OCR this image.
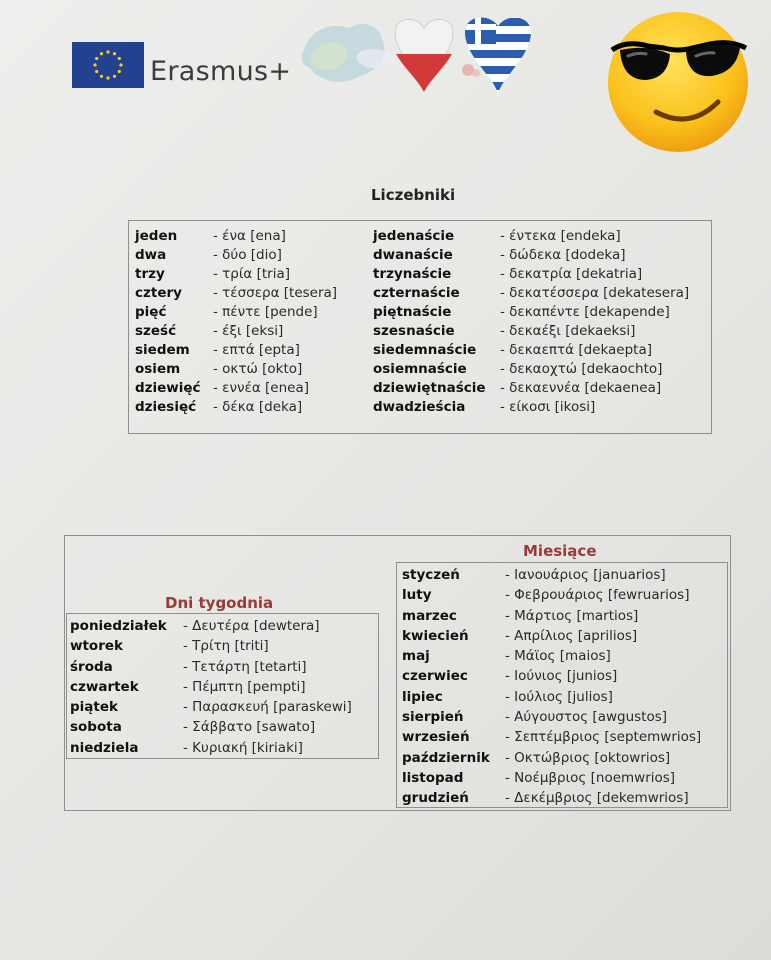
Erasmus+
Liczebniki
jeden	- ένα [ena]
dwa	- δύο [dio]
trzy	- τρία [tria]
cztery - τέσσερα [tesera]
pięć	- πέντε [pende]
sześć	- έξι [eksi]
siedem - επτά [epta]
osiem - οκτώ [okto]
dziewięć - εννέα [enea]
dziesięć - δέκα [deka]
jedenaście	- έντεκα [endeka]
dwanaście	- δώδεκα [dodeka]
trzynaście	- δεκατρία [dekatria]
czternaście	- δεκατέσσερα [dekatesera]
piętnaście	- δεκαπέντε [dekapende]
szesnaście	- δεκαέξι [dekaeksi]
siedemnaście - δεκαεπτά [dekaepta]
osiemnaście - δεκαοχτώ [dekaochto]
dziewiętnaście - δεκαεννέα [dekaenea]
dwadzieścia	- είκοσι [ikosi]
Dni tygodnia
poniedziałek - Δευτέρα [dewtera]
wtorek	- Τρίτη [triti]
środa	- Τετάρτη [tetarti]
czwartek	- Πέμπτη [pempti]
piątek	- Παρασκευή [paraskewi]
sobota	- Σάββατο [sawato]
niedziela	- Κυριακή [kiriaki]
Miesiące
styczeń	- Ιανουάριος [januarios]
luty	- Φεβρουάριος [fewruarios]
marzec	- Μάρτιος [martios]
kwiecień	- Απρίλιος [aprilios]
maj	- Μάϊος [maios]
czerwiec	- Ιούνιος [junios]
lipiec	- Ιούλιος [julios]
sierpień	- Αύγουστος [awgustos]
wrzesień	- Σεπτέμβριος [septemwrios]
październik - Οκτώβριος [oktowrios]
listopad	- Νοέμβριος [noemwrios]
grudzień	- Δεκέμβριος [dekemwrios]
